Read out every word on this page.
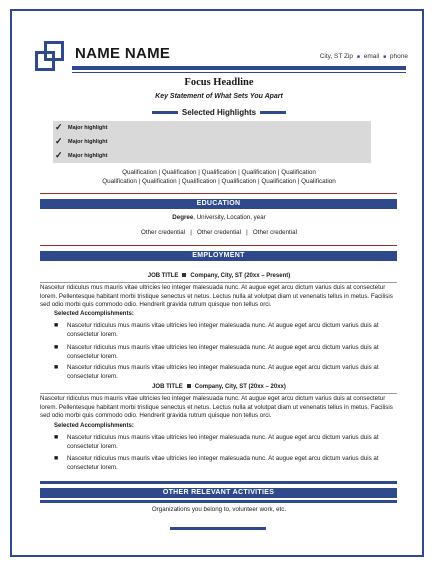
NAME NAME	City, ST Zip ■ email ■ phone
Focus Headline
Key Statement of What Sets You Apart
Selected Highlights
✓ Major highlight
✓ Major highlight
✓ Major highlight
Qualification | Qualification | Qualification | Qualification | Qualification
Qualification | Qualification | Qualification | Qualification | Qualification | Qualification
EDUCATION
Degree, University, Location, year
Other credential   |   Other credential   |   Other credential
EMPLOYMENT
JOB TITLE Company, City, ST (20xx – Present)
Nascetur ridiculus mus mauris vitae ultricies leo integer malesuada nunc. At augue eget arcu dictum varius duis at consectetur lorem. Pellentesque habitant morbi tristique senectus et netus. Lectus nulla at volutpat diam ut venenatis tellus in metus. Facilisis sed odio morbi quis commodo odio. Hendrerit gravida rutrum quisque non tellus orci.
Selected Accomplishments:
■ Nascetur ridiculus mus mauris vitae ultricies leo integer malesuada nunc. At augue eget arcu dictum varius duis at consectetur lorem.
■ Nascetur ridiculus mus mauris vitae ultricies leo integer malesuada nunc. At augue eget arcu dictum varius duis at consectetur lorem.
■ Nascetur ridiculus mus mauris vitae ultricies leo integer malesuada nunc. At augue eget arcu dictum varius duis at consectetur lorem.
JOB TITLE Company, City, ST (20xx – 20xx)
Nascetur ridiculus mus mauris vitae ultricies leo integer malesuada nunc. At augue eget arcu dictum varius duis at consectetur lorem. Pellentesque habitant morbi tristique senectus et netus. Lectus nulla at volutpat diam ut venenatis tellus in metus. Facilisis sed odio morbi quis commodo odio. Hendrerit gravida rutrum quisque non tellus orci.
Selected Accomplishments:
■ Nascetur ridiculus mus mauris vitae ultricies leo integer malesuada nunc. At augue eget arcu dictum varius duis at consectetur lorem.
■ Nascetur ridiculus mus mauris vitae ultricies leo integer malesuada nunc. At augue eget arcu dictum varius duis at consectetur lorem.
OTHER RELEVANT ACTIVITIES
Organizations you belong to, volunteer work, etc.
